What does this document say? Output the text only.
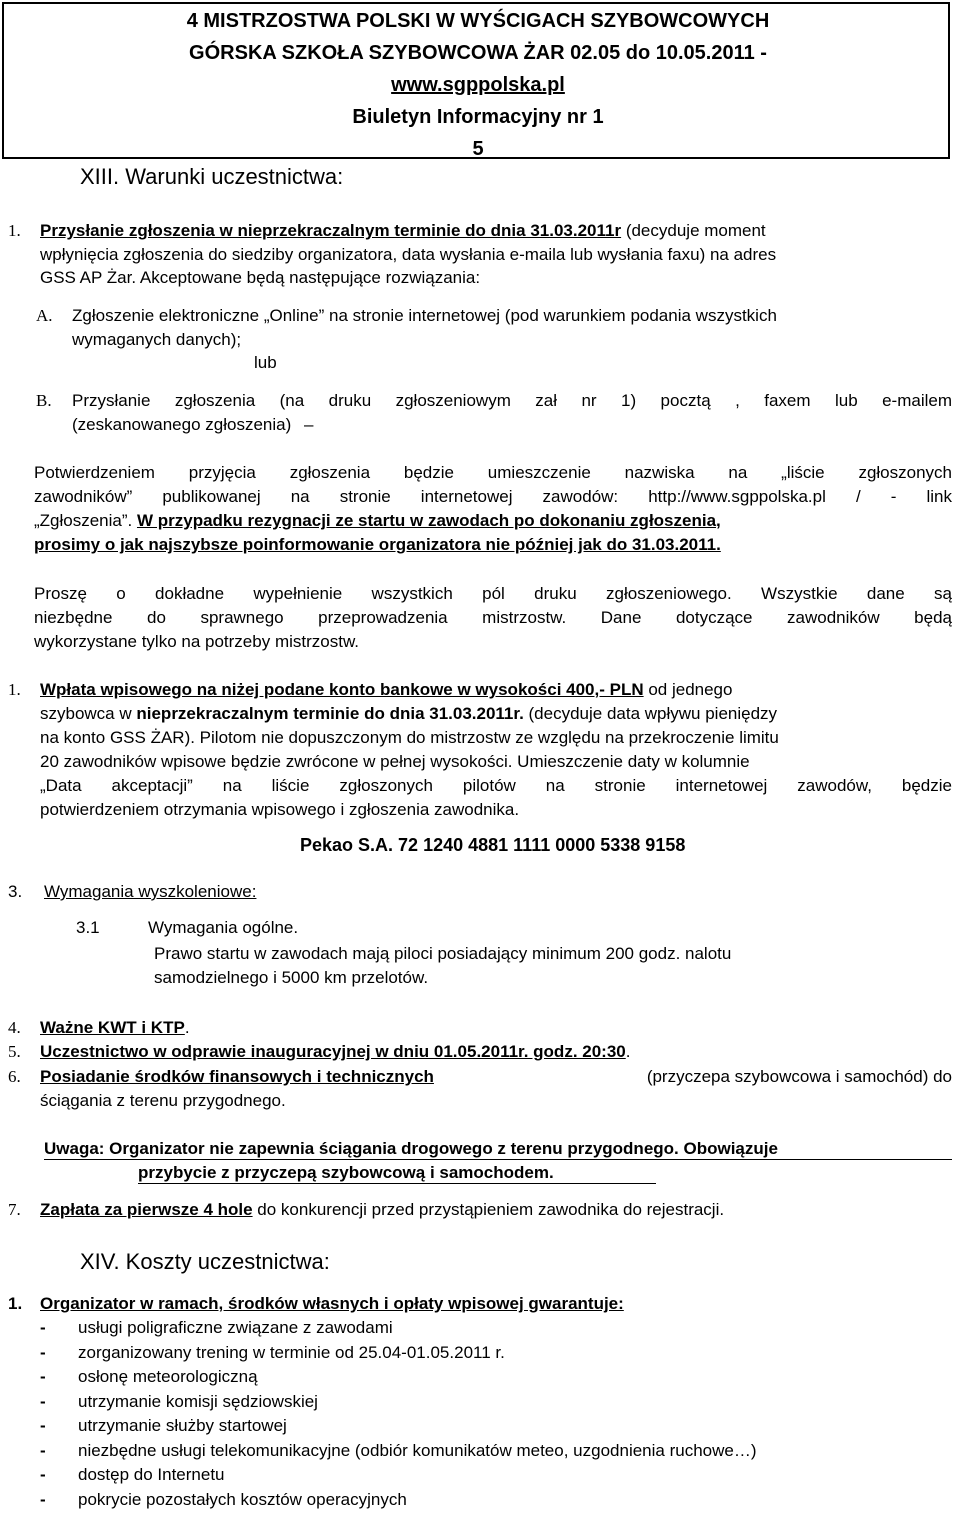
4 MISTRZOSTWA POLSKI W WYŚCIGACH SZYBOWCOWYCH
GÓRSKA SZKOŁA SZYBOWCOWA ŻAR 02.05 do 10.05.2011 -
www.sgppolska.pl
Biuletyn Informacyjny nr 1
5
XIII. Warunki uczestnictwa:
1. Przysłanie zgłoszenia w nieprzekraczalnym terminie do dnia 31.03.2011r (decyduje moment
wpłynięcia zgłoszenia do siedziby organizatora, data wysłania e-maila lub wysłania faxu) na adres
GSS AP Żar. Akceptowane będą następujące rozwiązania:
A. Zgłoszenie elektroniczne „Online” na stronie internetowej (pod warunkiem podania wszystkich
wymaganych danych);
lub
B. Przysłanie zgłoszenia (na druku zgłoszeniowym zał nr 1) pocztą , faxem lub e-mailem
(zeskanowanego zgłoszenia) –
Potwierdzeniem przyjęcia zgłoszenia będzie umieszczenie nazwiska na „liście zgłoszonych
zawodników” publikowanej na stronie internetowej zawodów: http://www.sgppolska.pl / - link
„Zgłoszenia”. W przypadku rezygnacji ze startu w zawodach po dokonaniu zgłoszenia,
prosimy o jak najszybsze poinformowanie organizatora nie później jak do 31.03.2011.
Proszę o dokładne wypełnienie wszystkich pól druku zgłoszeniowego. Wszystkie dane są
niezbędne do sprawnego przeprowadzenia mistrzostw. Dane dotyczące zawodników będą
wykorzystane tylko na potrzeby mistrzostw.
1. Wpłata wpisowego na niżej podane konto bankowe w wysokości 400,- PLN od jednego
szybowca w nieprzekraczalnym terminie do dnia 31.03.2011r. (decyduje data wpływu pieniędzy
na konto GSS ŻAR). Pilotom nie dopuszczonym do mistrzostw ze względu na przekroczenie limitu
20 zawodników wpisowe będzie zwrócone w pełnej wysokości. Umieszczenie daty w kolumnie
„Data akceptacji” na liście zgłoszonych pilotów na stronie internetowej zawodów, będzie
potwierdzeniem otrzymania wpisowego i zgłoszenia zawodnika.
Pekao S.A. 72 1240 4881 1111 0000 5338 9158
3. Wymagania wyszkoleniowe:
3.1	Wymagania ogólne.
Prawo startu w zawodach mają piloci posiadający minimum 200 godz. nalotu
samodzielnego i 5000 km przelotów.
4. Ważne KWT i KTP.
5. Uczestnictwo w odprawie inauguracyjnej w dniu 01.05.2011r. godz. 20:30.
6. Posiadanie środków finansowych i technicznych	(przyczepa szybowcowa i samochód) do
ściągania z terenu przygodnego.
Uwaga: Organizator nie zapewnia ściągania drogowego z terenu przygodnego. Obowiązuje
przybycie z przyczepą szybowcową i samochodem.
7. Zapłata za pierwsze 4 hole do konkurencji przed przystąpieniem zawodnika do rejestracji.
XIV. Koszty uczestnictwa:
1. Organizator w ramach, środków własnych i opłaty wpisowej gwarantuje:
- usługi poligraficzne związane z zawodami
- zorganizowany trening w terminie od 25.04-01.05.2011 r.
- osłonę meteorologiczną
- utrzymanie komisji sędziowskiej
- utrzymanie służby startowej
- niezbędne usługi telekomunikacyjne (odbiór komunikatów meteo, uzgodnienia ruchowe…)
- dostęp do Internetu
- pokrycie pozostałych kosztów operacyjnych
